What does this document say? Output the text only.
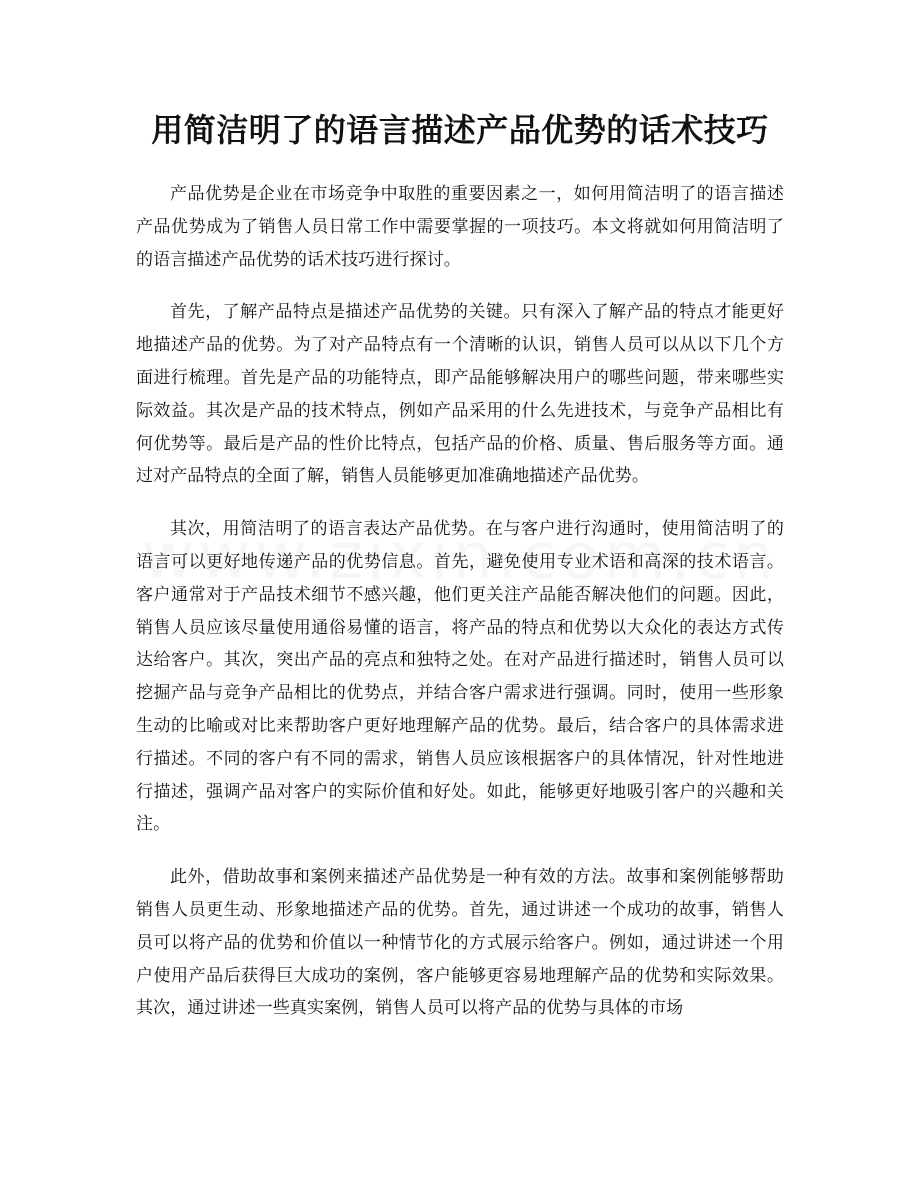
用简洁明了的语言描述产品优势的话术技巧

产品优势是企业在市场竞争中取胜的重要因素之一，如何用简洁明了的语言描述产品优势成为了销售人员日常工作中需要掌握的一项技巧。本文将就如何用简洁明了的语言描述产品优势的话术技巧进行探讨。

首先，了解产品特点是描述产品优势的关键。只有深入了解产品的特点才能更好地描述产品的优势。为了对产品特点有一个清晰的认识，销售人员可以从以下几个方面进行梳理。首先是产品的功能特点，即产品能够解决用户的哪些问题，带来哪些实际效益。其次是产品的技术特点，例如产品采用的什么先进技术，与竞争产品相比有何优势等。最后是产品的性价比特点，包括产品的价格、质量、售后服务等方面。通过对产品特点的全面了解，销售人员能够更加准确地描述产品优势。

其次，用简洁明了的语言表达产品优势。在与客户进行沟通时，使用简洁明了的语言可以更好地传递产品的优势信息。首先，避免使用专业术语和高深的技术语言。客户通常对于产品技术细节不感兴趣，他们更关注产品能否解决他们的问题。因此，销售人员应该尽量使用通俗易懂的语言，将产品的特点和优势以大众化的表达方式传达给客户。其次，突出产品的亮点和独特之处。在对产品进行描述时，销售人员可以挖掘产品与竞争产品相比的优势点，并结合客户需求进行强调。同时，使用一些形象生动的比喻或对比来帮助客户更好地理解产品的优势。最后，结合客户的具体需求进行描述。不同的客户有不同的需求，销售人员应该根据客户的具体情况，针对性地进行描述，强调产品对客户的实际价值和好处。如此，能够更好地吸引客户的兴趣和关注。

此外，借助故事和案例来描述产品优势是一种有效的方法。故事和案例能够帮助销售人员更生动、形象地描述产品的优势。首先，通过讲述一个成功的故事，销售人员可以将产品的优势和价值以一种情节化的方式展示给客户。例如，通过讲述一个用户使用产品后获得巨大成功的案例，客户能够更容易地理解产品的优势和实际效果。其次，通过讲述一些真实案例，销售人员可以将产品的优势与具体的市场
